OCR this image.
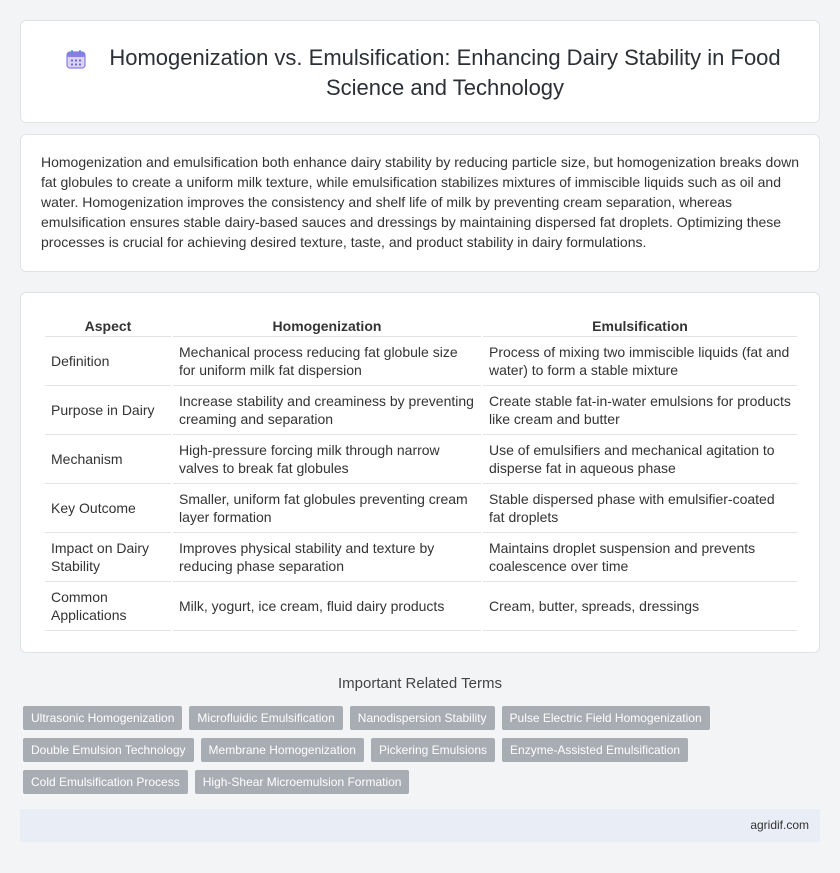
Homogenization vs. Emulsification: Enhancing Dairy Stability in Food Science and Technology

Homogenization and emulsification both enhance dairy stability by reducing particle size, but homogenization breaks down fat globules to create a uniform milk texture, while emulsification stabilizes mixtures of immiscible liquids such as oil and water. Homogenization improves the consistency and shelf life of milk by preventing cream separation, whereas emulsification ensures stable dairy-based sauces and dressings by maintaining dispersed fat droplets. Optimizing these processes is crucial for achieving desired texture, taste, and product stability in dairy formulations.

Aspect	Homogenization	Emulsification
Definition	Mechanical process reducing fat globule size for uniform milk fat dispersion	Process of mixing two immiscible liquids (fat and water) to form a stable mixture
Purpose in Dairy	Increase stability and creaminess by preventing creaming and separation	Create stable fat-in-water emulsions for products like cream and butter
Mechanism	High-pressure forcing milk through narrow valves to break fat globules	Use of emulsifiers and mechanical agitation to disperse fat in aqueous phase
Key Outcome	Smaller, uniform fat globules preventing cream layer formation	Stable dispersed phase with emulsifier-coated fat droplets
Impact on Dairy Stability	Improves physical stability and texture by reducing phase separation	Maintains droplet suspension and prevents coalescence over time
Common Applications	Milk, yogurt, ice cream, fluid dairy products	Cream, butter, spreads, dressings
Important Related Terms
Ultrasonic Homogenization	Microfluidic Emulsification	Nanodispersion Stability	Pulse Electric Field Homogenization
Double Emulsion Technology	Membrane Homogenization	Pickering Emulsions	Enzyme-Assisted Emulsification
Cold Emulsification Process	High-Shear Microemulsion Formation
agridif.com
